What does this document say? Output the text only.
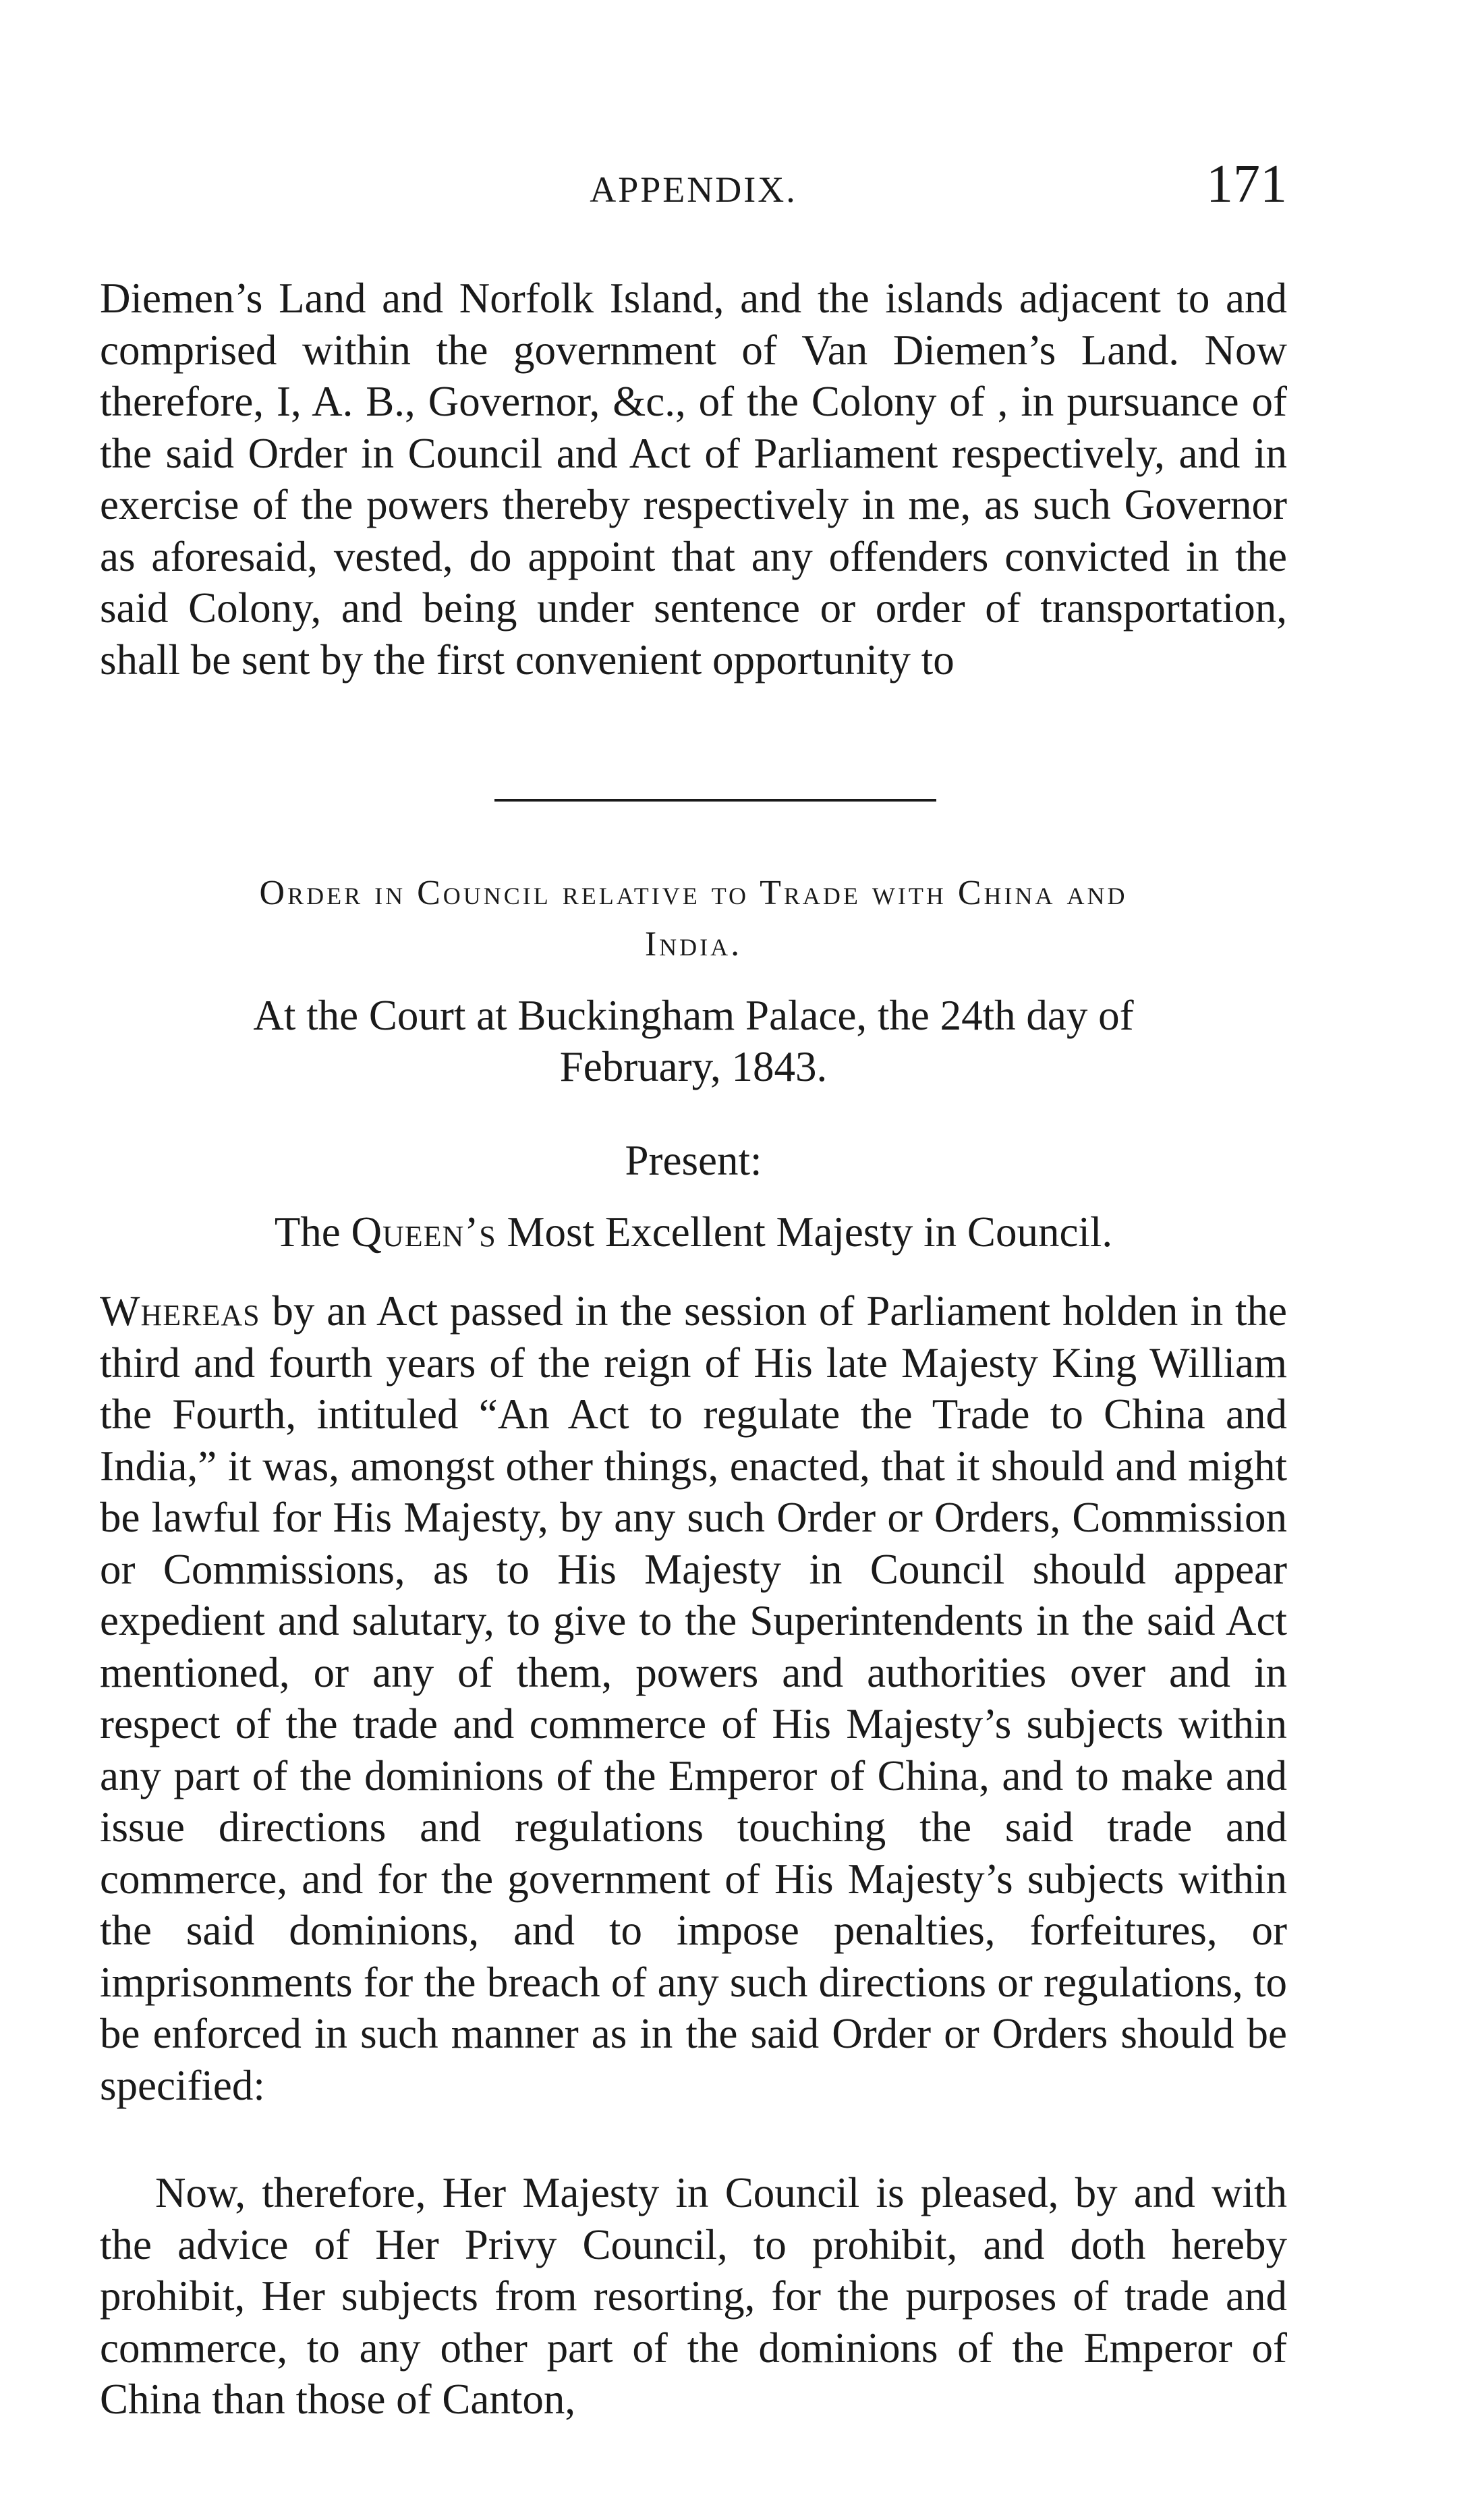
APPENDIX.	171

Diemen’s Land and Norfolk Island, and the islands adjacent to and comprised within the government of Van Diemen’s Land. Now therefore, I, A. B., Governor, &c., of the Colony of , in pursuance of the said Order in Council and Act of Parliament respectively, and in exercise of the powers thereby respectively in me, as such Governor as aforesaid, vested, do appoint that any offenders convicted in the said Colony, and being under sentence or order of transportation, shall be sent by the first convenient opportunity to

Order in Council relative to Trade with China and
India.
At the Court at Buckingham Palace, the 24th day of
February, 1843.
Present:
The Queen’s Most Excellent Majesty in Council.

Whereas by an Act passed in the session of Parliament holden in the third and fourth years of the reign of His late Majesty King William the Fourth, intituled “An Act to regulate the Trade to China and India,” it was, amongst other things, enacted, that it should and might be lawful for His Majesty, by any such Order or Orders, Commission or Commissions, as to His Majesty in Council should appear expedient and salutary, to give to the Superintendents in the said Act mentioned, or any of them, powers and authorities over and in respect of the trade and commerce of His Majesty’s subjects within any part of the dominions of the Emperor of China, and to make and issue directions and regulations touching the said trade and commerce, and for the government of His Majesty’s subjects within the said dominions, and to impose penalties, forfeitures, or imprisonments for the breach of any such directions or regulations, to be enforced in such manner as in the said Order or Orders should be specified:

Now, therefore, Her Majesty in Council is pleased, by and with the advice of Her Privy Council, to prohibit, and doth hereby prohibit, Her subjects from resorting, for the purposes of trade and commerce, to any other part of the dominions of the Emperor of China than those of Canton,
